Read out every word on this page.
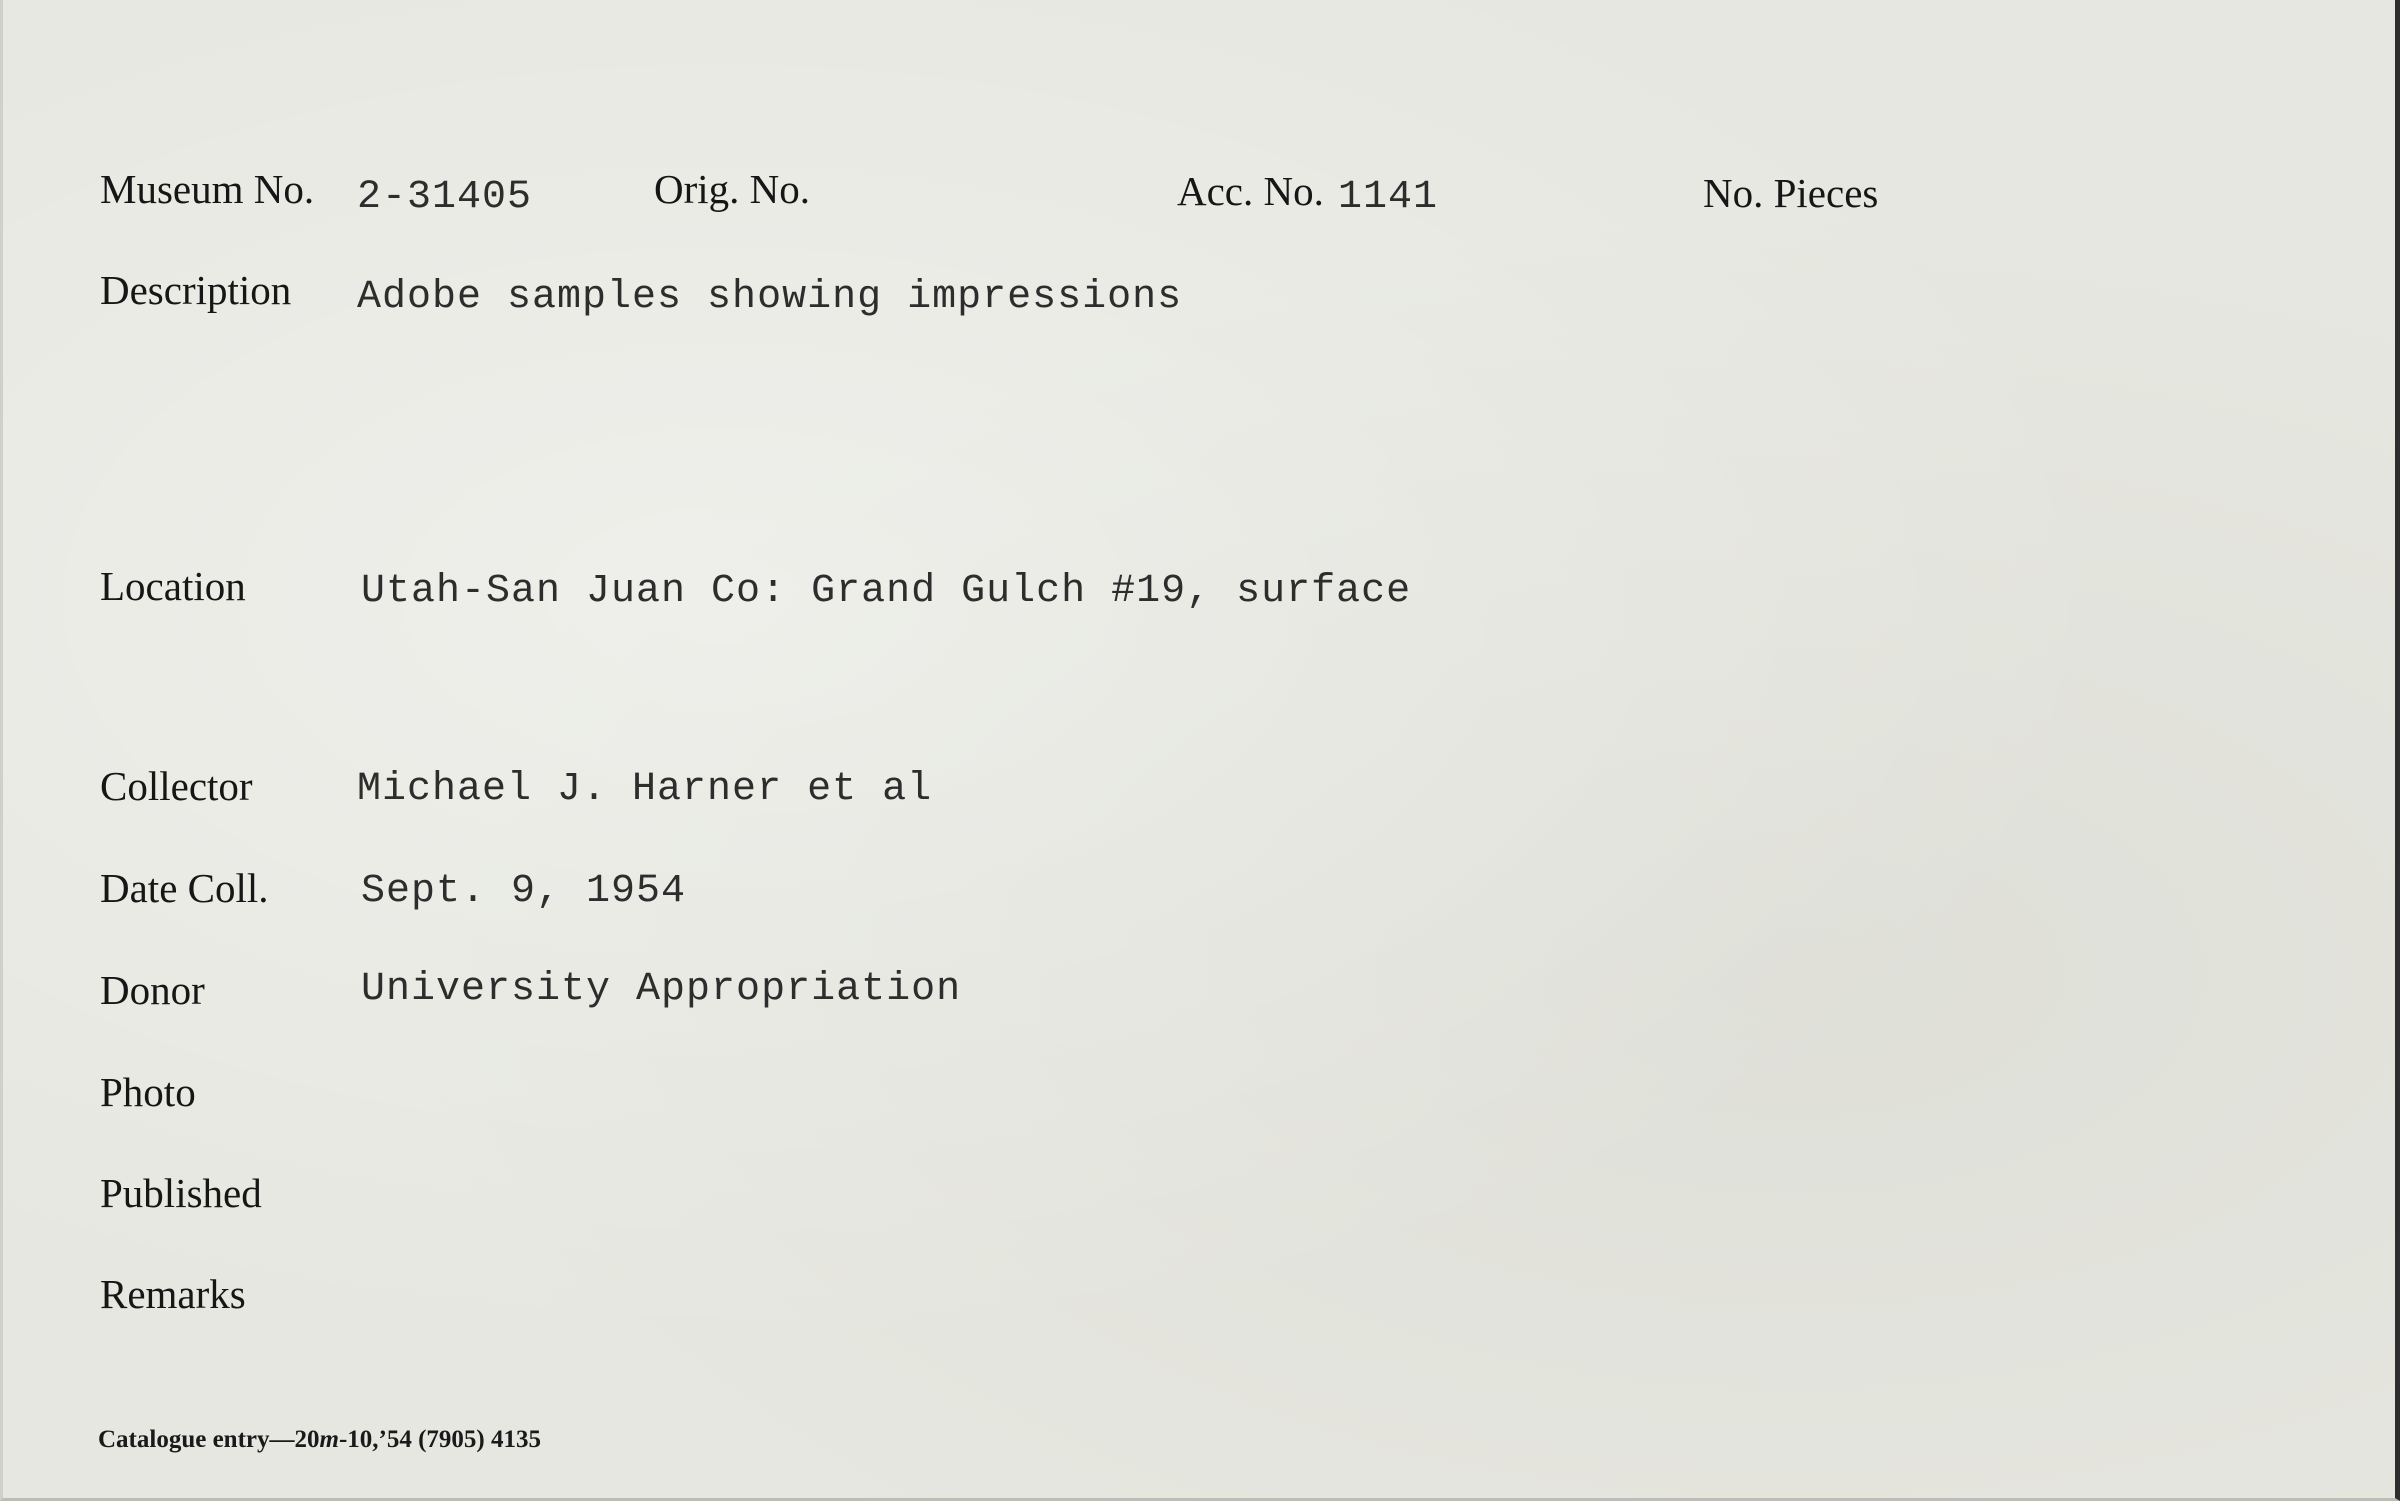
Museum No. 2-31405	Orig. No.	Acc. No. 1141	No. Pieces
Description Adobe samples showing impressions
Location	Utah-San Juan Co: Grand Gulch #19, surface
Collector	Michael J. Harner et al
Date Coll. Sept. 9, 1954
Donor	University Appropriation
Photo
Published
Remarks
Catalogue entry—20m-10,’54 (7905) 4135
